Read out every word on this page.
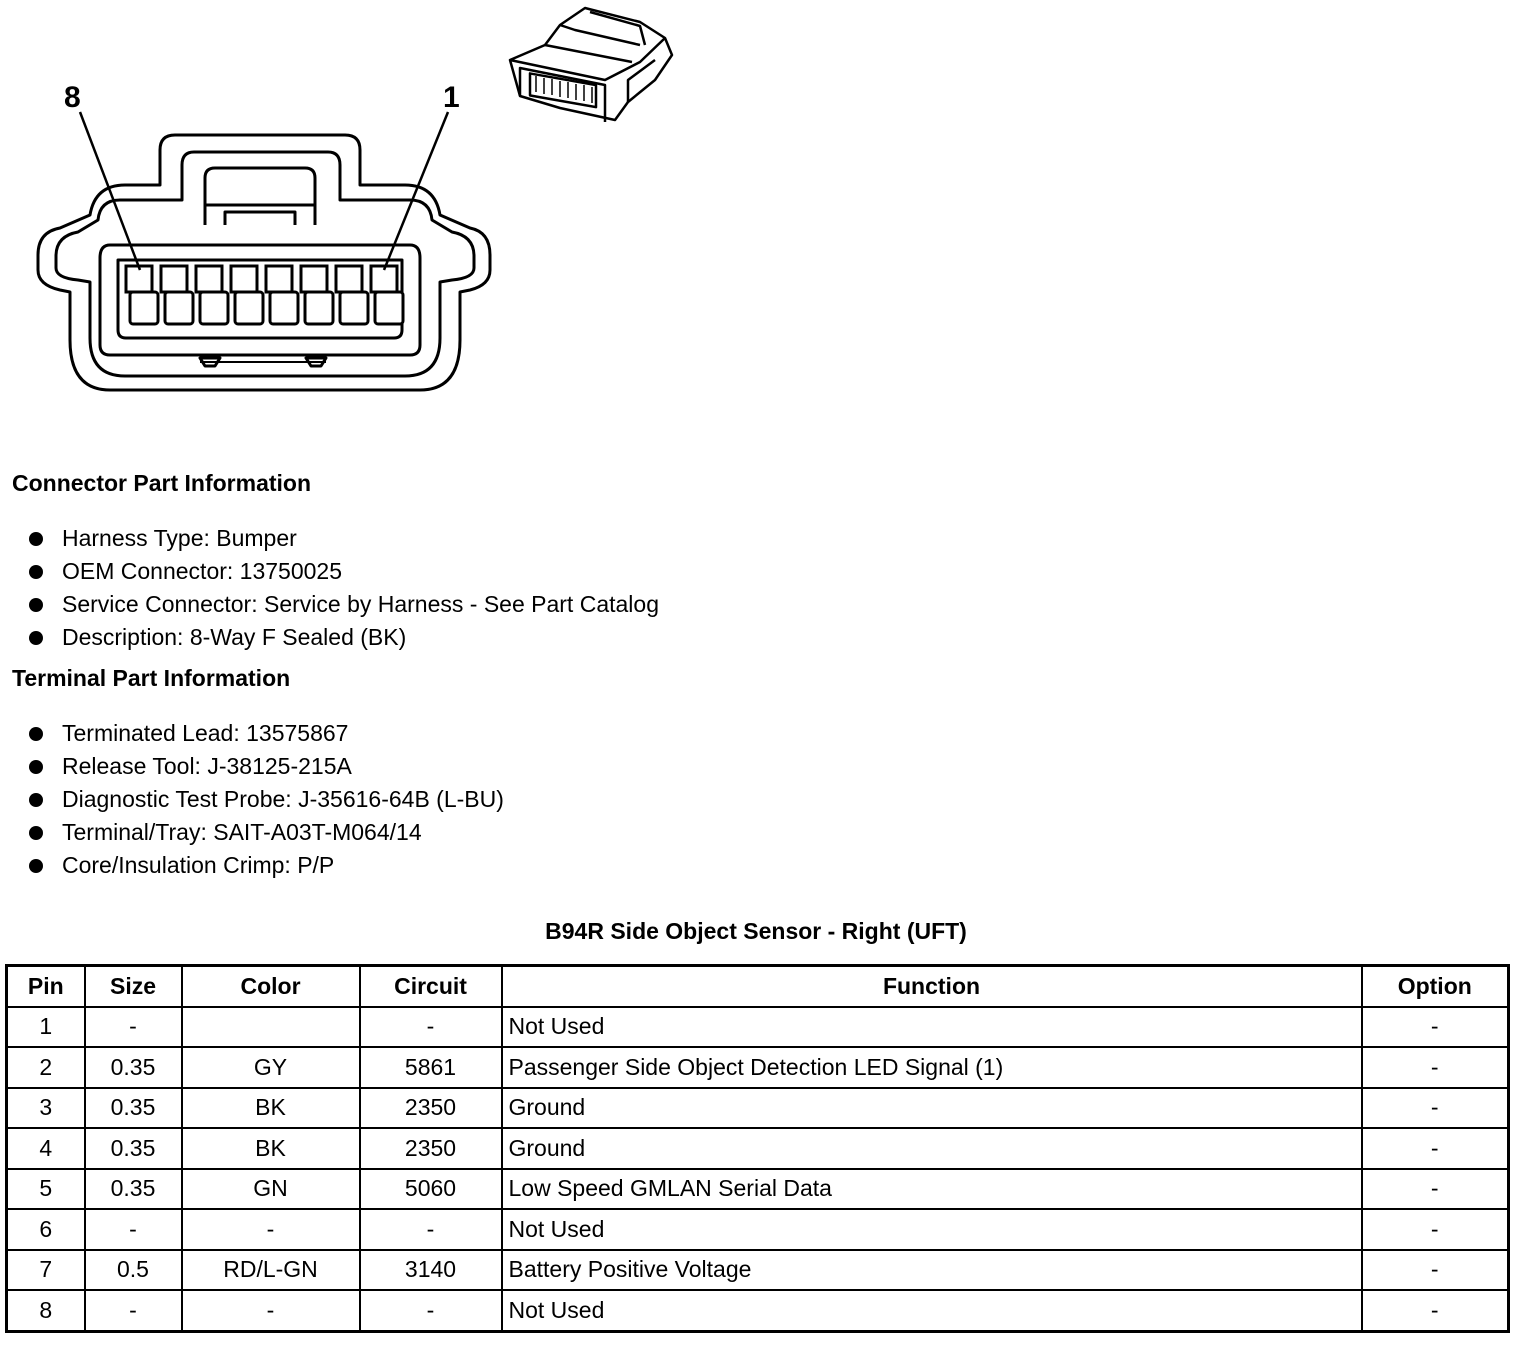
8	1
Connector Part Information
Harness Type: Bumper
OEM Connector: 13750025
Service Connector: Service by Harness - See Part Catalog
Description: 8-Way F Sealed (BK)
Terminal Part Information
Terminated Lead: 13575867
Release Tool: J-38125-215A
Diagnostic Test Probe: J-35616-64B (L-BU)
Terminal/Tray: SAIT-A03T-M064/14
Core/Insulation Crimp: P/P
B94R Side Object Sensor - Right (UFT)
Pin	Size	Color	Circuit	Function	Option
1	-		-	Not Used	-
2	0.35	GY	5861	Passenger Side Object Detection LED Signal (1)	-
3	0.35	BK	2350	Ground	-
4	0.35	BK	2350	Ground	-
5	0.35	GN	5060	Low Speed GMLAN Serial Data	-
6	-	-	-	Not Used	-
7	0.5	RD/L-GN	3140	Battery Positive Voltage	-
8	-	-	-	Not Used	-
